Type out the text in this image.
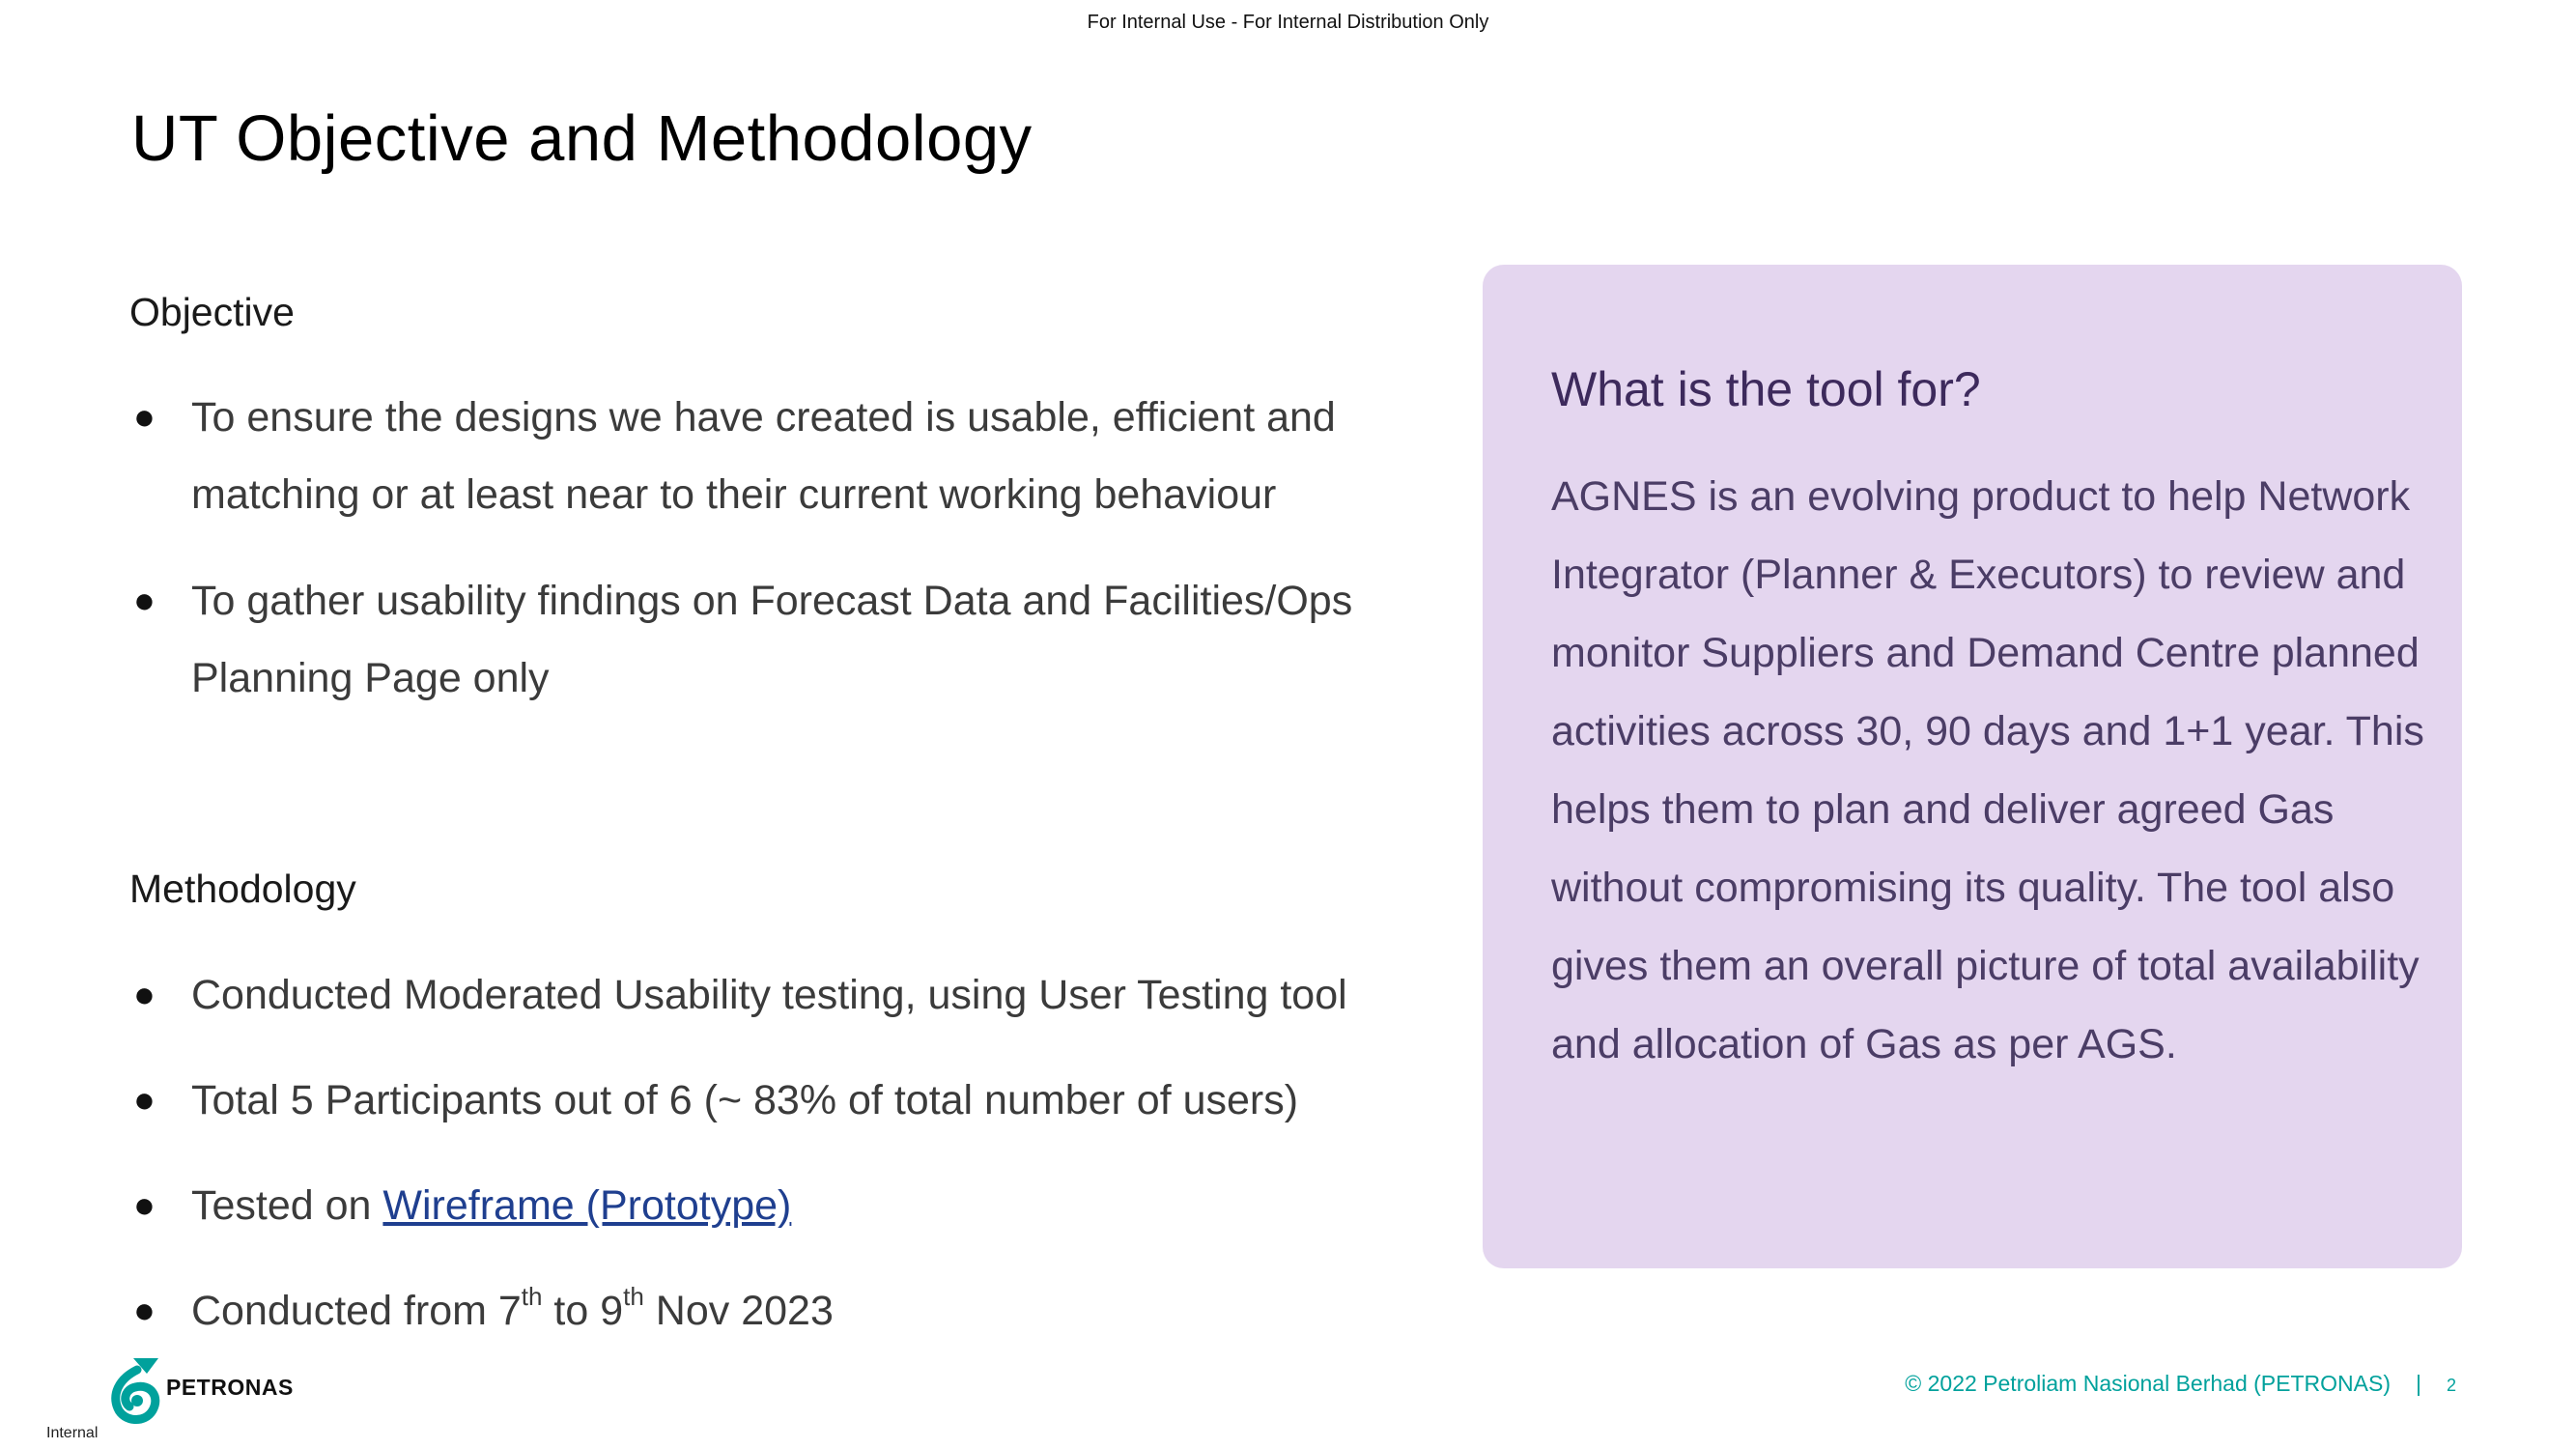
For Internal Use - For Internal Distribution Only
UT Objective and Methodology
Objective
● To ensure the designs we have created is usable, efficient and matching or at least near to their current working behaviour
● To gather usability findings on Forecast Data and Facilities/Ops Planning Page only
Methodology
● Conducted Moderated Usability testing, using User Testing tool
● Total 5 Participants out of 6 (~ 83% of total number of users)
● Tested on Wireframe (Prototype)
● Conducted from 7th to 9th Nov 2023
What is the tool for?
AGNES is an evolving product to help Network Integrator (Planner & Executors) to review and monitor Suppliers and Demand Centre planned activities across 30, 90 days and 1+1 year. This helps them to plan and deliver agreed Gas without compromising its quality. The tool also gives them an overall picture of total availability and allocation of Gas as per AGS.
PETRONAS	© 2022 Petroliam Nasional Berhad (PETRONAS) | 2
Internal
